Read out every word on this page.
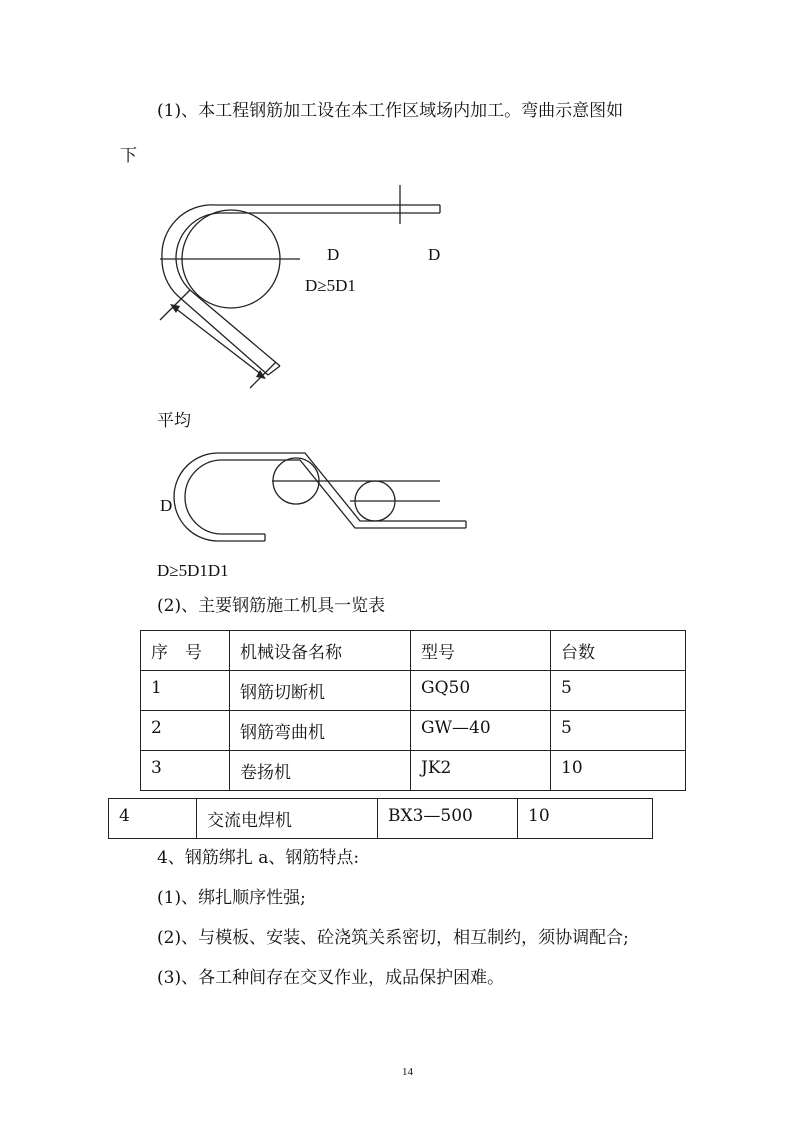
(1)、本工程钢筋加工设在本工作区域场内加工。弯曲示意图如
下
D	D
D≥5D1
平均
D
D≥5D1D1
(2)、主要钢筋施工机具一览表
序　号	机械设备名称	型号	台数
1	钢筋切断机	GQ50	5
2	钢筋弯曲机	GW—40	5
3	卷扬机	JK2	10
4	交流电焊机	BX3—500	10
4、钢筋绑扎 a、钢筋特点:
(1)、绑扎顺序性强;
(2)、与模板、安装、砼浇筑关系密切，相互制约，须协调配合;
(3)、各工种间存在交叉作业，成品保护困难。
14
